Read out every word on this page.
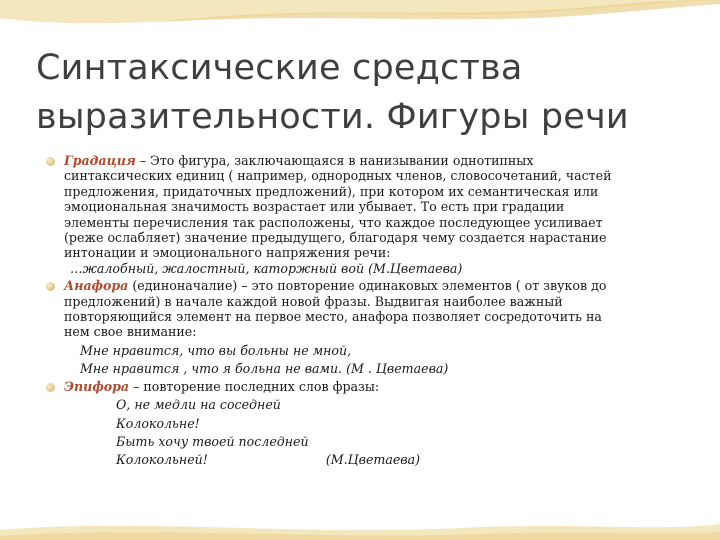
Синтаксические средства
выразительности. Фигуры речи
Градация – Это фигура, заключающаяся в нанизывании однотипных
синтаксических единиц ( например, однородных членов, словосочетаний, частей
предложения, придаточных предложений), при котором их семантическая или
эмоциональная значимость возрастает или убывает. То есть при градации
элементы перечисления так расположены, что каждое последующее усиливает
(реже ослабляет) значение предыдущего, благодаря чему создается нарастание
интонации и эмоционального напряжения речи:
…жалобный, жалостный, каторжный вой (М.Цветаева)
Анафора (единоначалие) – это повторение одинаковых элементов ( от звуков до
предложений) в начале каждой новой фразы. Выдвигая наиболее важный
повторяющийся элемент на первое место, анафора позволяет сосредоточить на
нем свое внимание:
Мне нравится, что вы больны не мной,
Мне нравится , что я больна не вами. (М . Цветаева)
Эпифора – повторение последних слов фразы:
О, не медли на соседней
Колокольне!
Быть хочу твоей последней
Колокольней!	(М.Цветаева)
